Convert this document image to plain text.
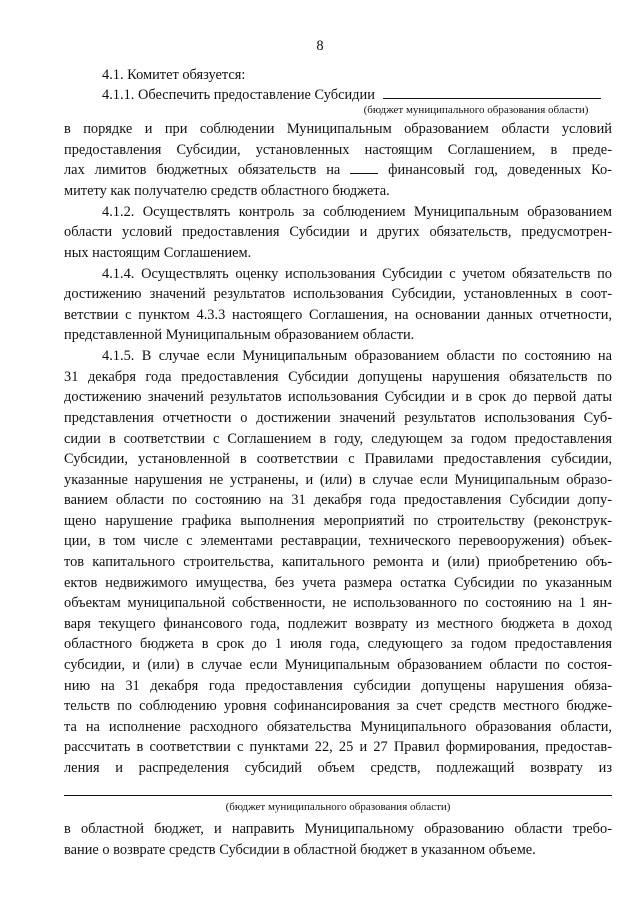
8
4.1. Комитет обязуется:
4.1.1. Обеспечить предоставление Субсидии
(бюджет муниципального образования области)
в порядке и при соблюдении Муниципальным образованием области условий
предоставления Субсидии, установленных настоящим Соглашением, в преде-
лах лимитов бюджетных обязательств на	финансовый год, доведенных Ко-
митету как получателю средств областного бюджета.
4.1.2. Осуществлять контроль за соблюдением Муниципальным образованием
области условий предоставления Субсидии и других обязательств, предусмотрен-
ных настоящим Соглашением.
4.1.4. Осуществлять оценку использования Субсидии с учетом обязательств по
достижению значений результатов использования Субсидии, установленных в соот-
ветствии с пунктом 4.3.3 настоящего Соглашения, на основании данных отчетности,
представленной Муниципальным образованием области.
4.1.5. В случае если Муниципальным образованием области по состоянию на
31 декабря года предоставления Субсидии допущены нарушения обязательств по
достижению значений результатов использования Субсидии и в срок до первой даты
представления отчетности о достижении значений результатов использования Суб-
сидии в соответствии с Соглашением в году, следующем за годом предоставления
Субсидии, установленной в соответствии с Правилами предоставления субсидии,
указанные нарушения не устранены, и (или) в случае если Муниципальным образо-
ванием области по состоянию на 31 декабря года предоставления Субсидии допу-
щено нарушение графика выполнения мероприятий по строительству (реконструк-
ции, в том числе с элементами реставрации, технического перевооружения) объек-
тов капитального строительства, капитального ремонта и (или) приобретению объ-
ектов недвижимого имущества, без учета размера остатка Субсидии по указанным
объектам муниципальной собственности, не использованного по состоянию на 1 ян-
варя текущего финансового года, подлежит возврату из местного бюджета в доход
областного бюджета в срок до 1 июля года, следующего за годом предоставления
субсидии, и (или) в случае если Муниципальным образованием области по состоя-
нию на 31 декабря года предоставления субсидии допущены нарушения обяза-
тельств по соблюдению уровня софинансирования за счет средств местного бюдже-
та на исполнение расходного обязательства Муниципального образования области,
рассчитать в соответствии с пунктами 22, 25 и 27 Правил формирования, предостав-
ления и распределения субсидий объем средств, подлежащий возврату из
(бюджет муниципального образования области)
в областной бюджет, и направить Муниципальному образованию области требо-
вание о возврате средств Субсидии в областной бюджет в указанном объеме.
